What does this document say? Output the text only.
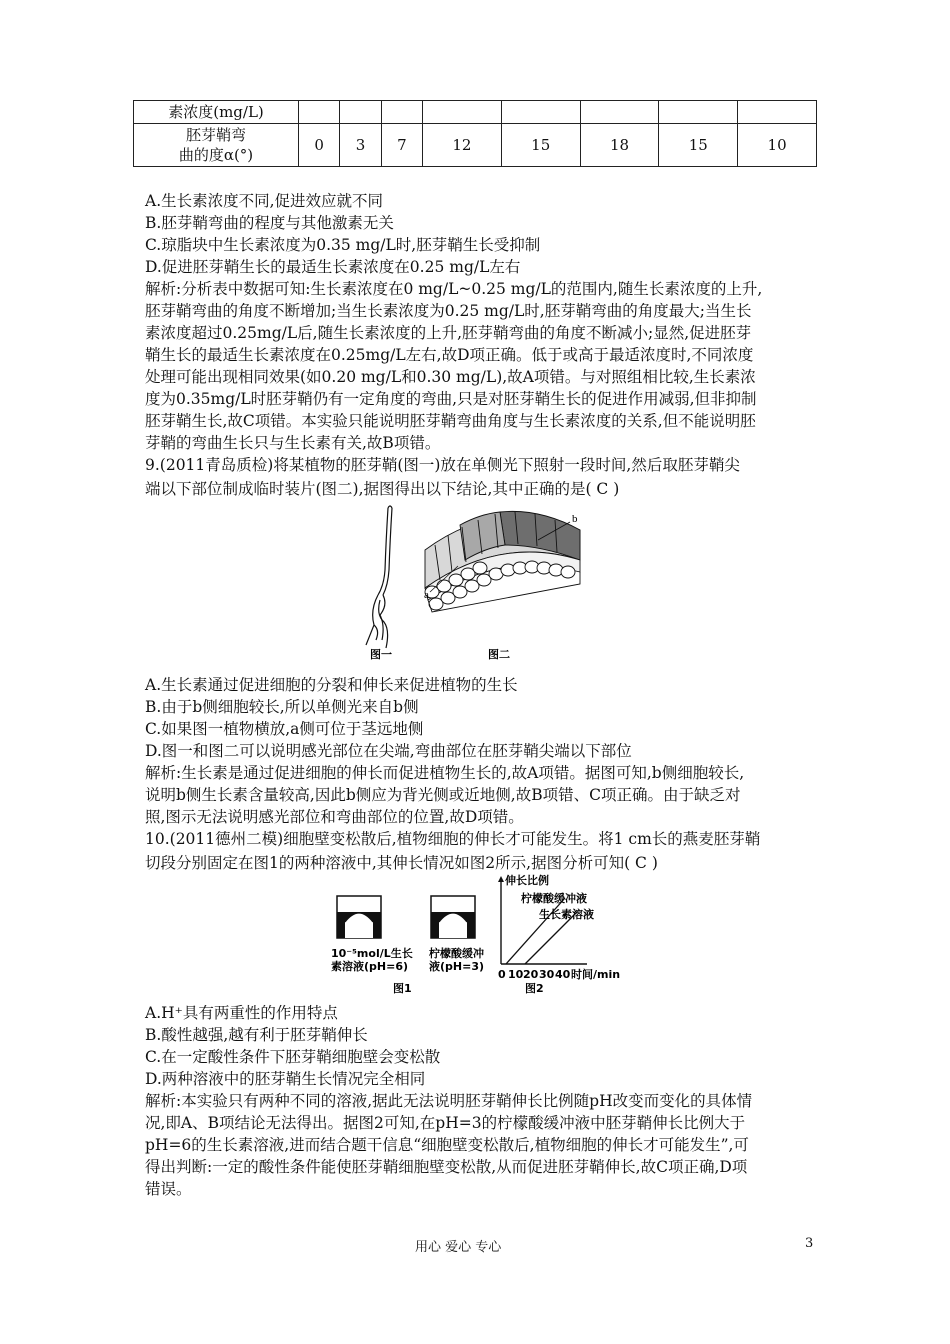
素浓度(mg/L)								

胚芽鞘弯
曲的度α(°)	0	3	7	12	15	18	15	10
A.生长素浓度不同,促进效应就不同
B.胚芽鞘弯曲的程度与其他激素无关
C.琼脂块中生长素浓度为0.35 mg/L时,胚芽鞘生长受抑制
D.促进胚芽鞘生长的最适生长素浓度在0.25 mg/L左右
解析:分析表中数据可知:生长素浓度在0 mg/L~0.25 mg/L的范围内,随生长素浓度的上升,
胚芽鞘弯曲的角度不断增加;当生长素浓度为0.25 mg/L时,胚芽鞘弯曲的角度最大;当生长
素浓度超过0.25mg/L后,随生长素浓度的上升,胚芽鞘弯曲的角度不断减小;显然,促进胚芽
鞘生长的最适生长素浓度在0.25mg/L左右,故D项正确。低于或高于最适浓度时,不同浓度
处理可能出现相同效果(如0.20 mg/L和0.30 mg/L),故A项错。与对照组相比较,生长素浓
度为0.35mg/L时胚芽鞘仍有一定角度的弯曲,只是对胚芽鞘生长的促进作用减弱,但非抑制
胚芽鞘生长,故C项错。本实验只能说明胚芽鞘弯曲角度与生长素浓度的关系,但不能说明胚
芽鞘的弯曲生长只与生长素有关,故B项错。
9.(2011青岛质检)将某植物的胚芽鞘(图一)放在单侧光下照射一段时间,然后取胚芽鞘尖
端以下部位制成临时装片(图二),据图得出以下结论,其中正确的是( C )
a
b
图一	图二
A.生长素通过促进细胞的分裂和伸长来促进植物的生长
B.由于b侧细胞较长,所以单侧光来自b侧
C.如果图一植物横放,a侧可位于茎远地侧
D.图一和图二可以说明感光部位在尖端,弯曲部位在胚芽鞘尖端以下部位
解析:生长素是通过促进细胞的伸长而促进植物生长的,故A项错。据图可知,b侧细胞较长,
说明b侧生长素含量较高,因此b侧应为背光侧或近地侧,故B项错、C项正确。由于缺乏对
照,图示无法说明感光部位和弯曲部位的位置,故D项错。
10.(2011德州二模)细胞壁变松散后,植物细胞的伸长才可能发生。将1 cm长的燕麦胚芽鞘
切段分别固定在图1的两种溶液中,其伸长情况如图2所示,据图分析可知( C )
10⁻⁵mol/L生长
素溶液(pH=6)
柠檬酸缓冲
液(pH=3)
图1
伸长比例
柠檬酸缓冲液
生长素溶液
0 10 20 30 40 时间/min
图2
A.H⁺具有两重性的作用特点
B.酸性越强,越有利于胚芽鞘伸长
C.在一定酸性条件下胚芽鞘细胞壁会变松散
D.两种溶液中的胚芽鞘生长情况完全相同
解析:本实验只有两种不同的溶液,据此无法说明胚芽鞘伸长比例随pH改变而变化的具体情
况,即A、B项结论无法得出。据图2可知,在pH=3的柠檬酸缓冲液中胚芽鞘伸长比例大于
pH=6的生长素溶液,进而结合题干信息“细胞壁变松散后,植物细胞的伸长才可能发生”,可
得出判断:一定的酸性条件能使胚芽鞘细胞壁变松散,从而促进胚芽鞘伸长,故C项正确,D项
错误。
用心 爱心 专心	3
